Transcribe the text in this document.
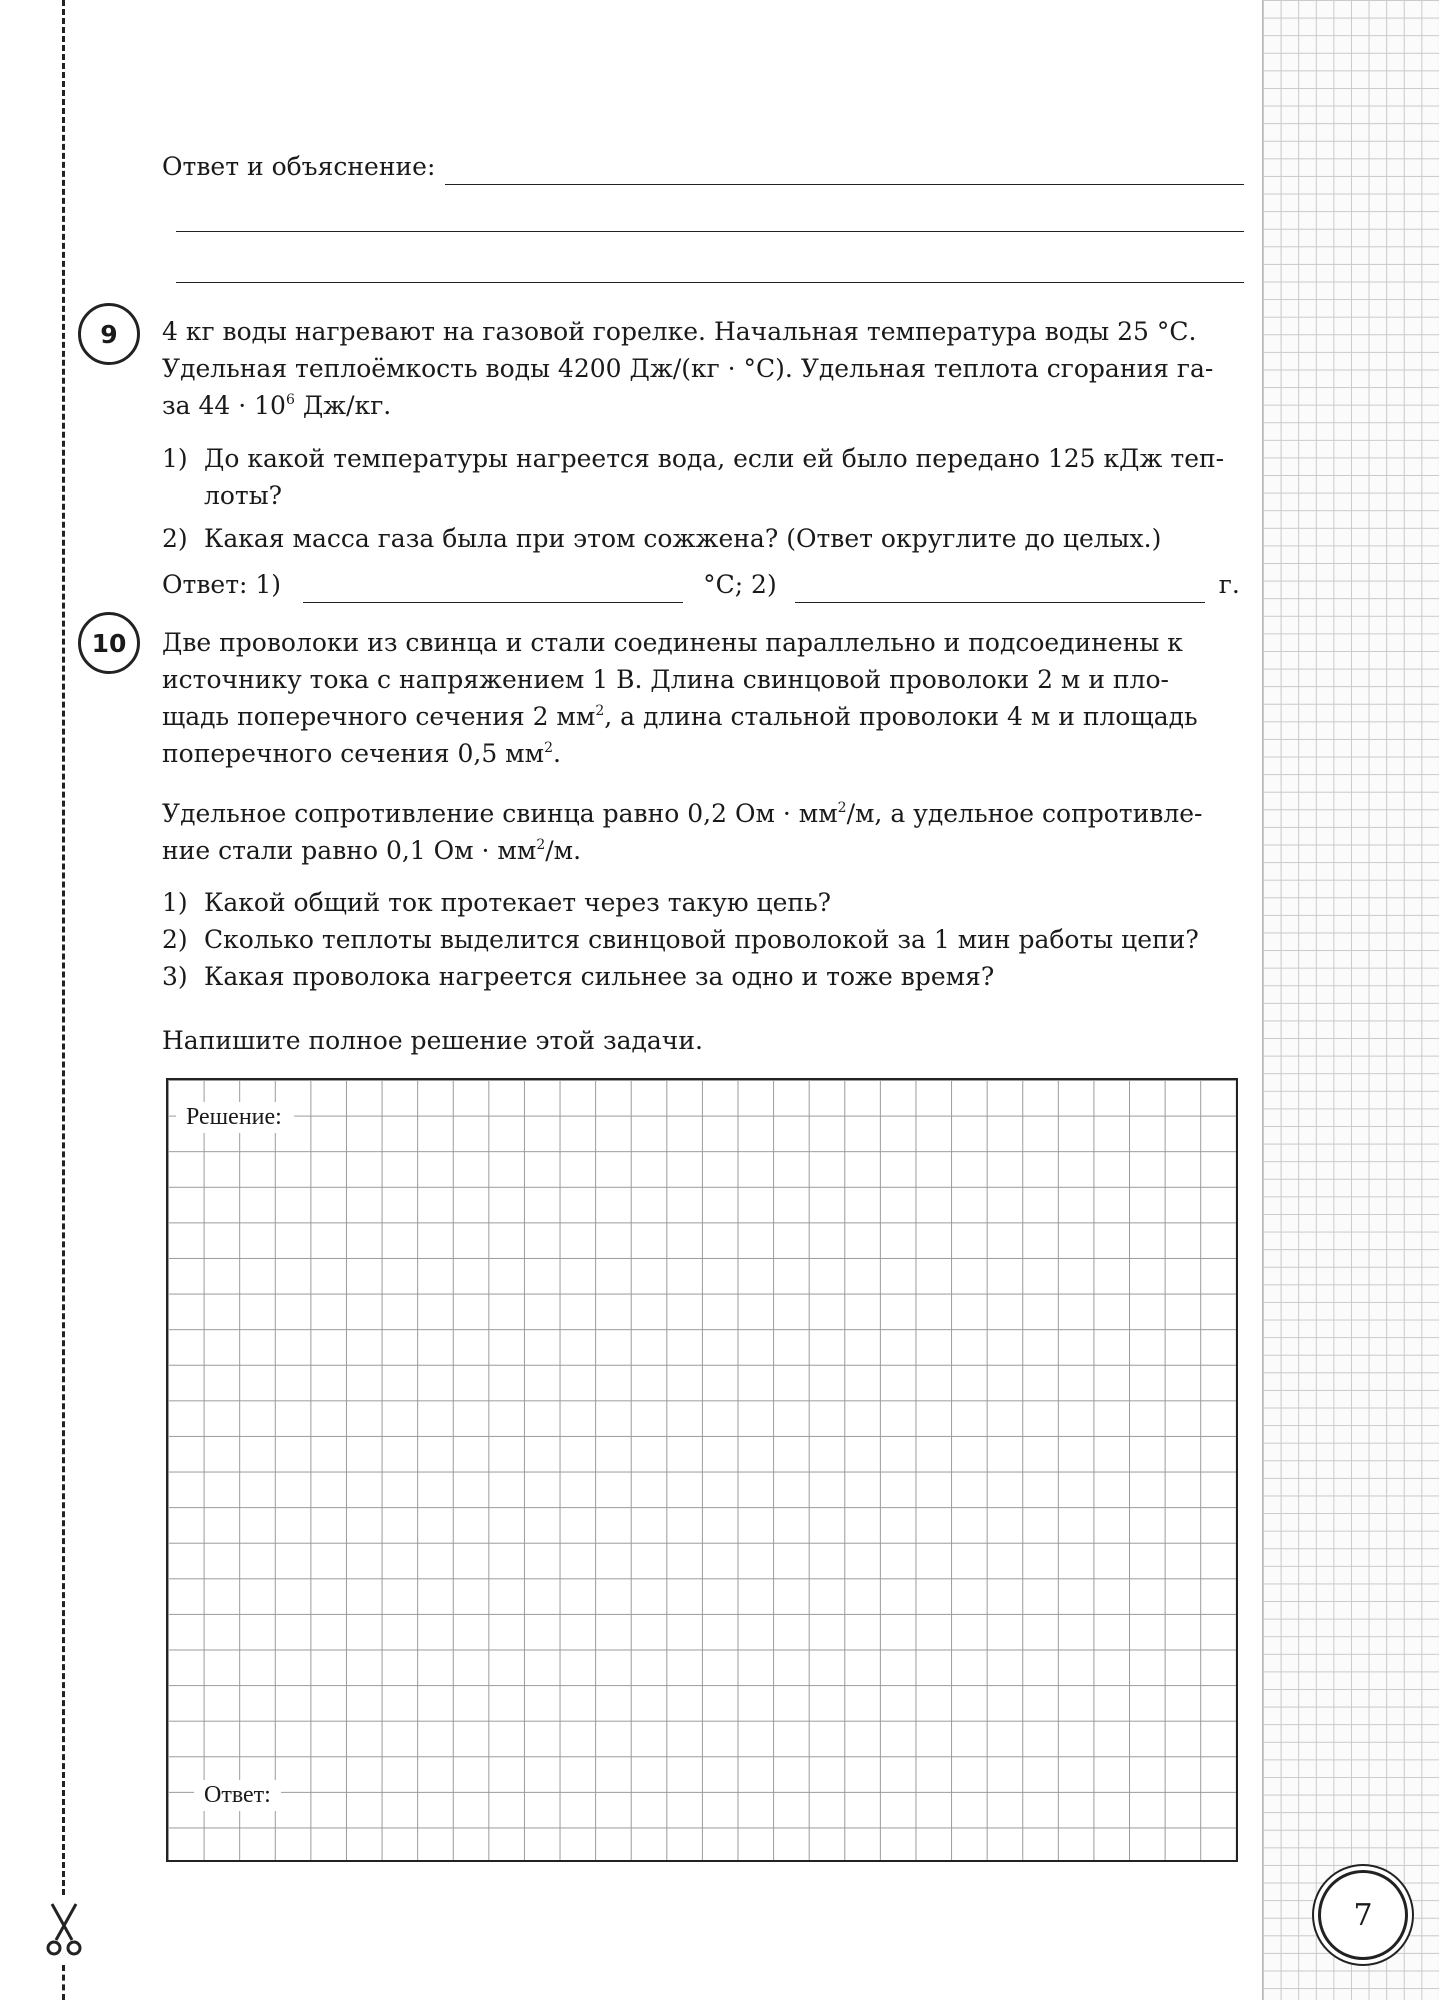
Ответ и объяснение:
9	4 кг воды нагревают на газовой горелке. Начальная температура воды 25 °С.
Удельная теплоёмкость воды 4200 Дж/(кг · °С). Удельная теплота сгорания га-
за $44 \cdot 10^6$ Дж/кг.
1) До какой температуры нагреется вода, если ей было передано 125 кДж теп-
лоты?
2) Какая масса газа была при этом сожжена? (Ответ округлите до целых.)
Ответ: 1)	°С; 2)	г.
10	Две проволоки из свинца и стали соединены параллельно и подсоединены к
источнику тока с напряжением 1 В. Длина свинцовой проволоки 2 м и пло-
щадь поперечного сечения 2 $мм^2$, а длина стальной проволоки 4 м и площадь
поперечного сечения 0,5 $мм^2$.
Удельное сопротивление свинца равно 0,2 Ом · $мм^2/м$, а удельное сопротивле-
ние стали равно 0,1 Ом · $мм^2/м$.
1) Какой общий ток протекает через такую цепь?
2) Сколько теплоты выделится свинцовой проволокой за 1 мин работы цепи?
3) Какая проволока нагреется сильнее за одно и тоже время?
Напишите полное решение этой задачи.
Решение:
Ответ:
7
